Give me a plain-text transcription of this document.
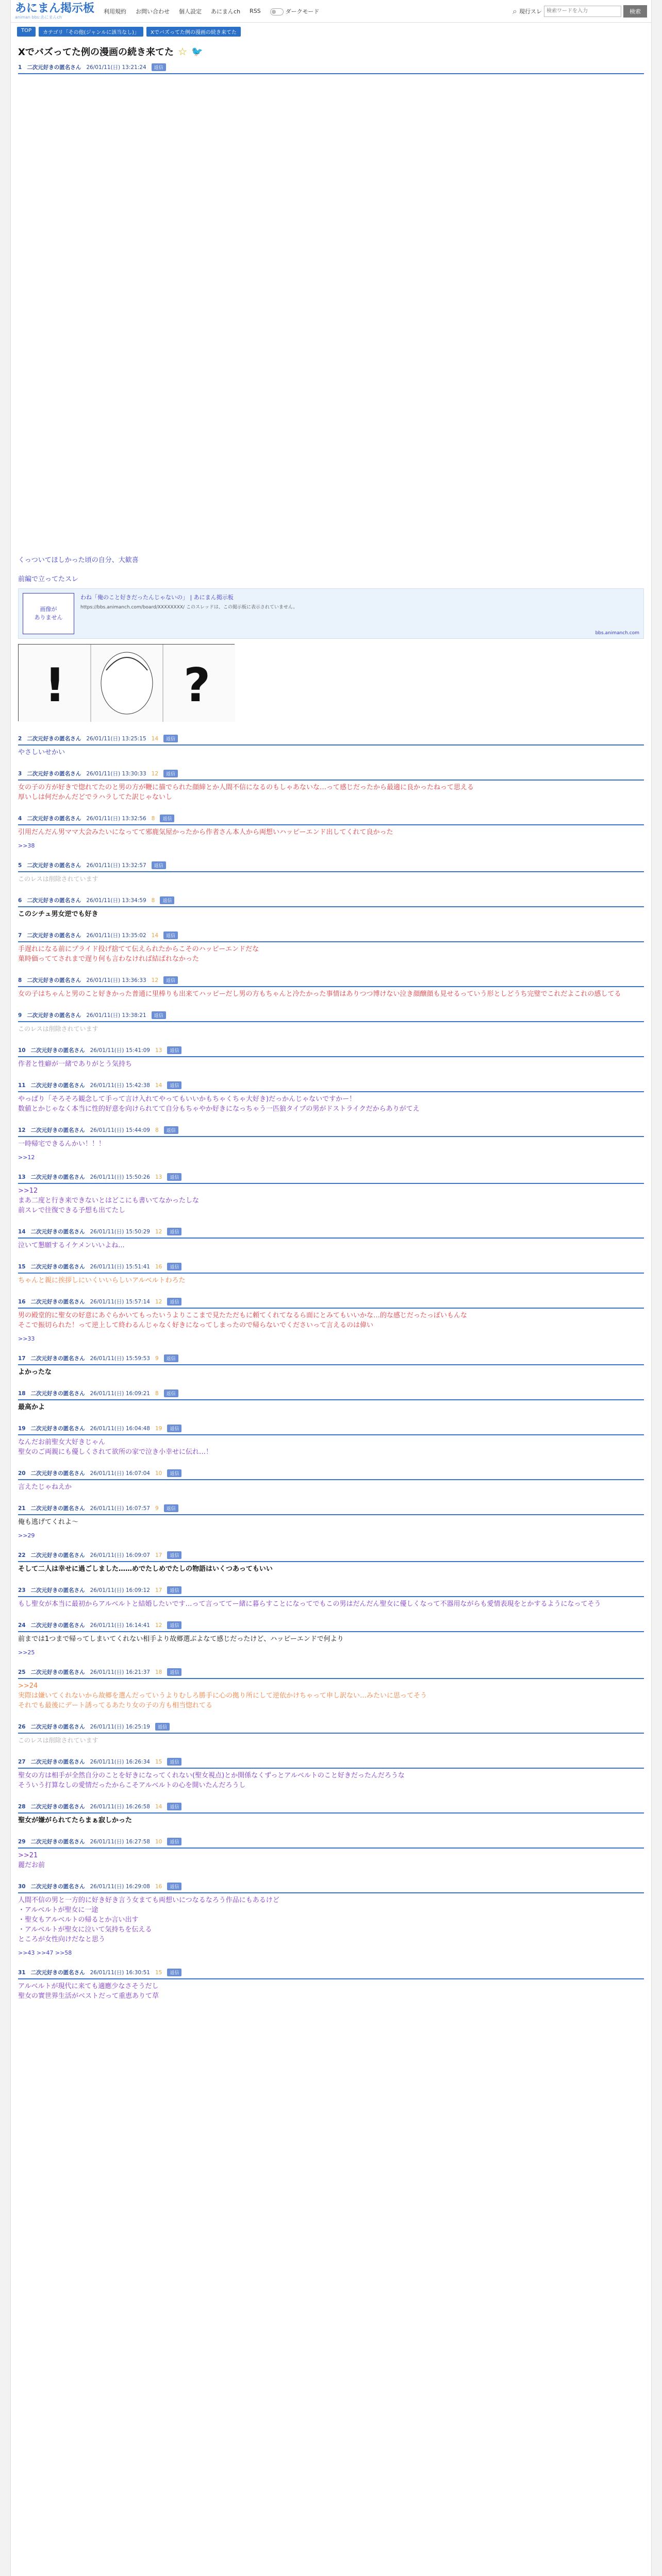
あにまん掲示板
animan bbs:あにまんch
利用規約 お問い合わせ 個人設定 あにまんch RSS	ダークモード	⌕ 現行スレ
検索ワードを入力	検索
TOP	カテゴリ「その他(ジャンルに該当なし)」	Xでバズってた例の漫画の続き来てた
Xでバズってた例の漫画の続き来てた ☆ 🐦
1 二次元好きの匿名さん 26/01/11(日) 13:21:24	返信
くっついてほしかった頃の自分、大歓喜
前編で立ってたスレ
画像が
ありません
わね「俺のこと好きだったんじゃないの」 | あにまん掲示板
https://bbs.animanch.com/board/XXXXXXXX/ このスレッドは、この掲示板に表示されていません。
bbs.animanch.com
!	?
2 二次元好きの匿名さん 26/01/11(日) 13:25:15 14	返信
やさしいせかい
3 二次元好きの匿名さん 26/01/11(日) 13:30:33 12	返信
女の子の方が好きで惚れてたのと男の方が鞭に描でられた顔締とか人間不信になるのもしゃあないな…って感じだったから最適に良かったねって思える
厚いしは何だかんだどでラハラしてた訳じゃないし
4 二次元好きの匿名さん 26/01/11(日) 13:32:56 8	返信
引用だんだん男ママ大会みたいになってて邪鹿気屋かったから作者さん本人から両想いハッピーエンド出してくれて良かった
>>38
5 二次元好きの匿名さん 26/01/11(日) 13:32:57	返信
このレスは削除されています
6 二次元好きの匿名さん 26/01/11(日) 13:34:59 8	返信
このシチュ男女逆でも好き
7 二次元好きの匿名さん 26/01/11(日) 13:35:02 14	返信
手遅れになる前にプライド投げ捨てて伝えられたからこそのハッピーエンドだな
菓時価っててされまで遅り何も言わなければ結ばれなかった
8 二次元好きの匿名さん 26/01/11(日) 13:36:33 12	返信
女の子はちゃんと男のこと好きかった普通に里棒りも出来てハッピーだし男の方もちゃんと冷たかった事情はありつつ博けない泣き顔醸顔も見せるっていう形としどうち完璧でこれだよこれの感してる
9 二次元好きの匿名さん 26/01/11(日) 13:38:21	返信
このレスは削除されています
10 二次元好きの匿名さん 26/01/11(日) 15:41:09 13	返信
作者と性癖が一緒でありがとう気持ち
11 二次元好きの匿名さん 26/01/11(日) 15:42:38 14	返信
やっぱり「そろそろ観念して手って言け入れてやってもいいかもちゃくちゃ大好き)だっかんじゃないですかー！
数値とかじゃなく本当に性的好意を向けられてて自分もちゃやか好きになっちゃう一匹狼タイプの男がドストライクだからありがてえ
12 二次元好きの匿名さん 26/01/11(日) 15:44:09 8	返信
一時帰宅できるんかい！！！
>>12
13 二次元好きの匿名さん 26/01/11(日) 15:50:26 13	返信
>>12
まあ二度と行き来できないとはどこにも書いてなかったしな
前スレで往復できる予想も出てたし
14 二次元好きの匿名さん 26/01/11(日) 15:50:29 12	返信
泣いて懇願するイケメンいいよね...
15 二次元好きの匿名さん 26/01/11(日) 15:51:41 16	返信
ちゃんと親に挨拶しにいくいいらしいアルベルトわろた
16 二次元好きの匿名さん 26/01/11(日) 15:57:14 12	返信
男の殿堂的に聖女の好意にあぐらかいてもったいうよりここまで見たただもに頼てくれてなるら面にとみてもいいかな…的な感じだったっぽいもんな
そこで振切られた！って逆上して終わるんじゃなく好きになってしまったので帰らないでくださいって言えるのは偉い
>>33
17 二次元好きの匿名さん 26/01/11(日) 15:59:53 9	返信
よかったな
18 二次元好きの匿名さん 26/01/11(日) 16:09:21 8	返信
最高かよ
19 二次元好きの匿名さん 26/01/11(日) 16:04:48 19	返信
なんだお前聖女大好きじゃん
聖女のご両親にも優しくされて欲所の家で泣き小幸せに伝れ…！
20 二次元好きの匿名さん 26/01/11(日) 16:07:04 10	返信
言えたじゃねえか
21 二次元好きの匿名さん 26/01/11(日) 16:07:57 9	返信
俺も逃げてくれよ～
>>29
22 二次元好きの匿名さん 26/01/11(日) 16:09:07 17	返信
そして二人は幸せに過ごしました……めでたしめでたしの物語はいくつあってもいい
23 二次元好きの匿名さん 26/01/11(日) 16:09:12 17	返信
もし聖女が本当に最初からアルベルトと結婚したいです…って言っててー緒に暮らすことになってでもこの男はだんだん聖女に優しくなって不器用ながらも愛情表現をとかするようになってそう
24 二次元好きの匿名さん 26/01/11(日) 16:14:41 12	返信
前までは1つまで帰ってしまいてくれない相手より故郷選ぶよなて感じだったけど、ハッピーエンドで何より
>>25
25 二次元好きの匿名さん 26/01/11(日) 16:21:37 18	返信
>>24
実際は嫌いてくれないから故郷を選んだっていうよりむしろ勝手に心の拠り所にして逆依かけちゃって申し訳ない…みたいに思ってそう
それでも最後にデート誘ってるあたり女の子の方も相当惚れてる
26 二次元好きの匿名さん 26/01/11(日) 16:25:19	返信
このレスは削除されています
27 二次元好きの匿名さん 26/01/11(日) 16:26:34 15	返信
聖女の方は相手が全然自分のことを好きになってくれない(聖女視点)とか開係なくずっとアルベルトのこと好きだったんだろうな
そういう打算なしの愛情だったからこそアルベルトの心を開いたんだろうし
28 二次元好きの匿名さん 26/01/11(日) 16:26:58 14	返信
聖女が嫌がられてたらまぁ寂しかった
29 二次元好きの匿名さん 26/01/11(日) 16:27:58 10	返信
>>21
麗だお前
30 二次元好きの匿名さん 26/01/11(日) 16:29:08 16	返信
人間不信の男と一方的に好き好き言う女まても両想いにつなるなろう作品にもあるけど
・アルベルトが聖女に一途
・聖女もアルベルトの帰るとか言い出す
・アルベルトが聖女に泣いて気持ちを伝える
ところが女性向けだなと思う
>>43 >>47 >>58
31 二次元好きの匿名さん 26/01/11(日) 16:30:51 15	返信
アルベルトが現代に来ても適應少なさそうだし
聖女の實世界生活がベストだって重恵ありて草
